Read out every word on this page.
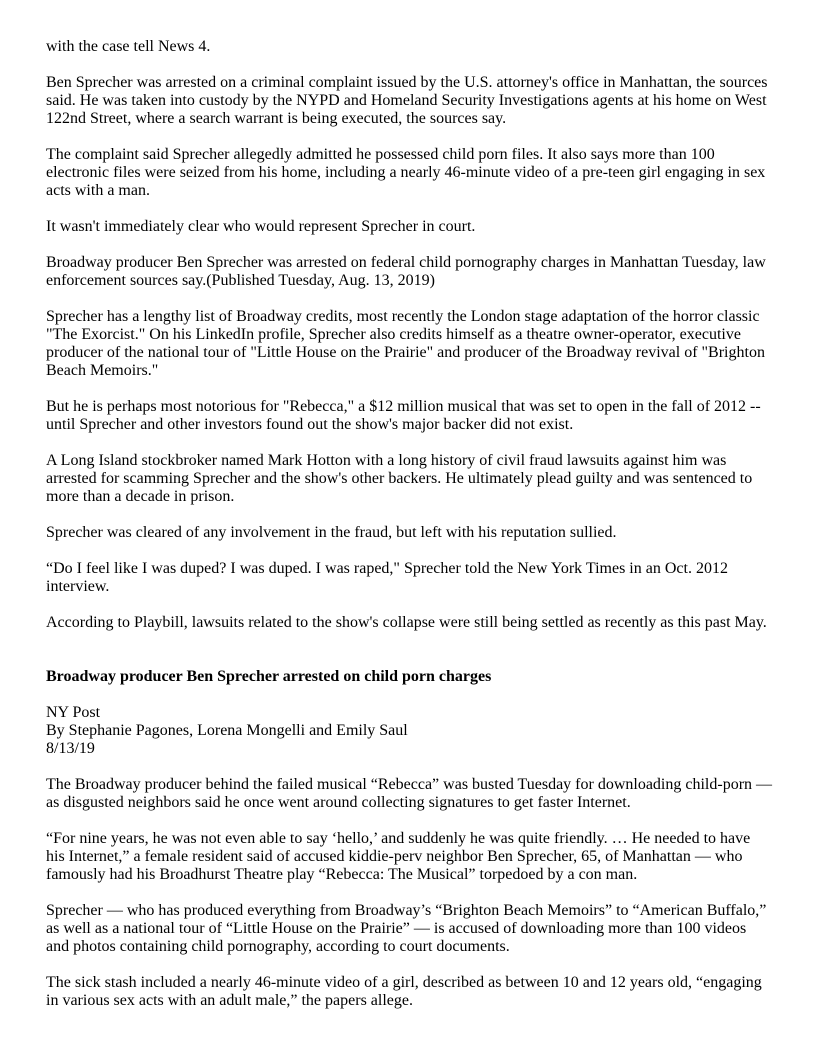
with the case tell News 4.

Ben Sprecher was arrested on a criminal complaint issued by the U.S. attorney's office in Manhattan, the sources said. He was taken into custody by the NYPD and Homeland Security Investigations agents at his home on West 122nd Street, where a search warrant is being executed, the sources say.

The complaint said Sprecher allegedly admitted he possessed child porn files. It also says more than 100 electronic files were seized from his home, including a nearly 46-minute video of a pre-teen girl engaging in sex acts with a man.

It wasn't immediately clear who would represent Sprecher in court.

Broadway producer Ben Sprecher was arrested on federal child pornography charges in Manhattan Tuesday, law enforcement sources say.(Published Tuesday, Aug. 13, 2019)

Sprecher has a lengthy list of Broadway credits, most recently the London stage adaptation of the horror classic "The Exorcist." On his LinkedIn profile, Sprecher also credits himself as a theatre owner-operator, executive producer of the national tour of "Little House on the Prairie" and producer of the Broadway revival of "Brighton Beach Memoirs."

But he is perhaps most notorious for "Rebecca," a $12 million musical that was set to open in the fall of 2012 -- until Sprecher and other investors found out the show's major backer did not exist.

A Long Island stockbroker named Mark Hotton with a long history of civil fraud lawsuits against him was arrested for scamming Sprecher and the show's other backers. He ultimately plead guilty and was sentenced to more than a decade in prison.

Sprecher was cleared of any involvement in the fraud, but left with his reputation sullied.

“Do I feel like I was duped? I was duped. I was raped," Sprecher told the New York Times in an Oct. 2012 interview.

According to Playbill, lawsuits related to the show's collapse were still being settled as recently as this past May.

Broadway producer Ben Sprecher arrested on child porn charges

NY Post
By Stephanie Pagones, Lorena Mongelli and Emily Saul
8/13/19

The Broadway producer behind the failed musical “Rebecca” was busted Tuesday for downloading child-porn — as disgusted neighbors said he once went around collecting signatures to get faster Internet.

“For nine years, he was not even able to say ‘hello,’ and suddenly he was quite friendly. … He needed to have his Internet,” a female resident said of accused kiddie-perv neighbor Ben Sprecher, 65, of Manhattan — who famously had his Broadhurst Theatre play “Rebecca: The Musical” torpedoed by a con man.

Sprecher — who has produced everything from Broadway’s “Brighton Beach Memoirs” to “American Buffalo,” as well as a national tour of “Little House on the Prairie” — is accused of downloading more than 100 videos and photos containing child pornography, according to court documents.

The sick stash included a nearly 46-minute video of a girl, described as between 10 and 12 years old, “engaging in various sex acts with an adult male,” the papers allege.
